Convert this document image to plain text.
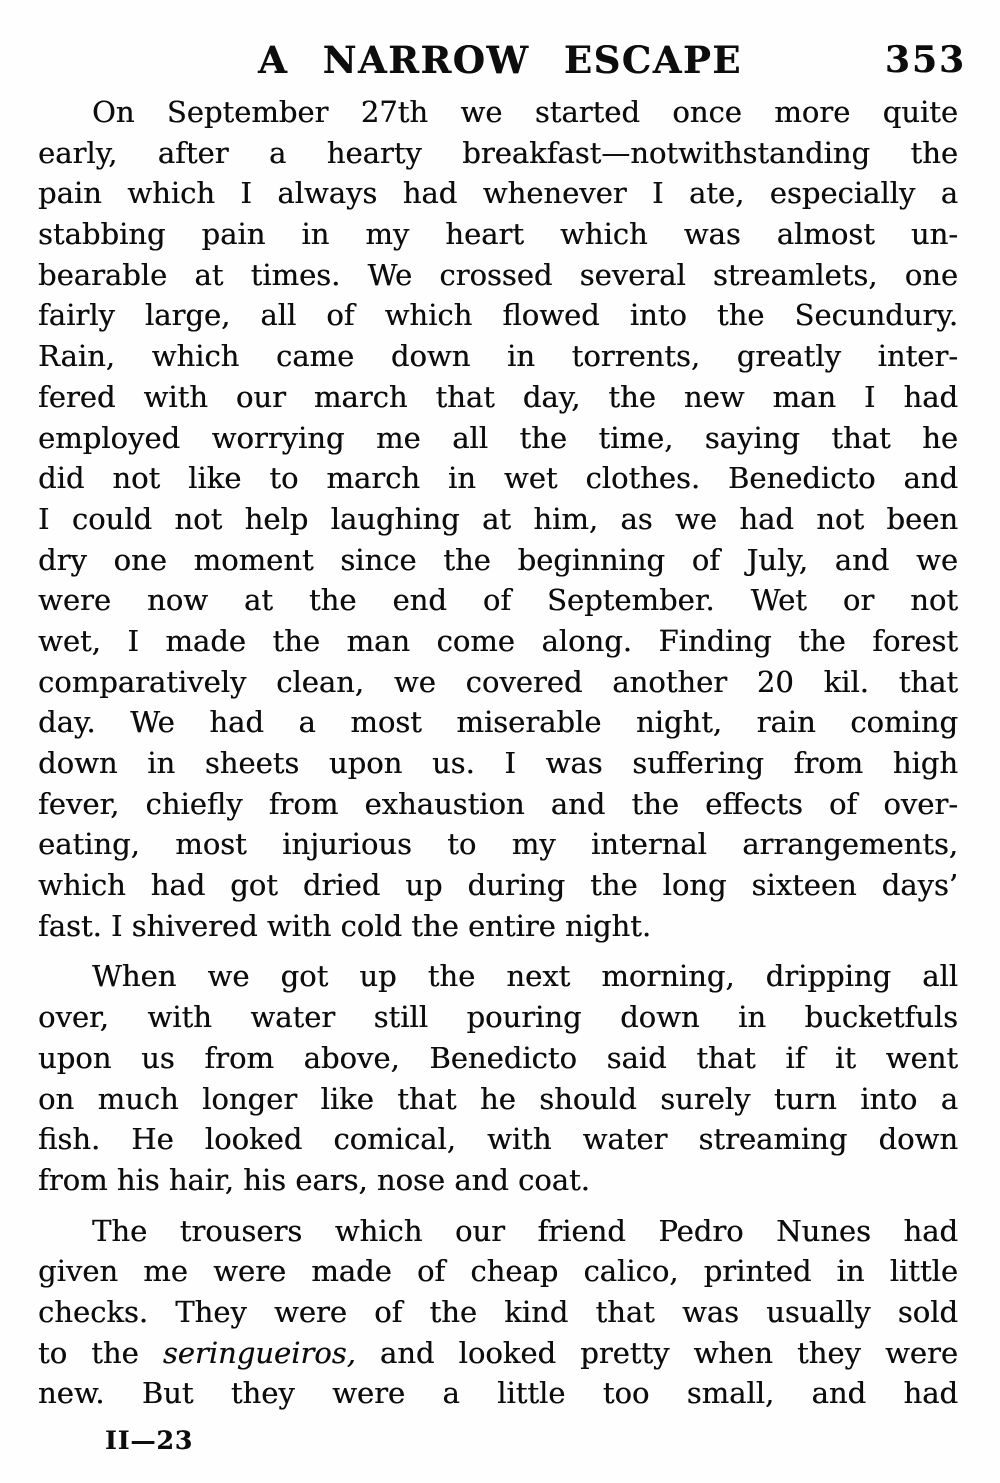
A NARROW ESCAPE	353
On September 27th we started once more quite
early, after a hearty breakfast—notwithstanding the
pain which I always had whenever I ate, especially a
stabbing pain in my heart which was almost un-
bearable at times. We crossed several streamlets, one
fairly large, all of which flowed into the Secundury.
Rain, which came down in torrents, greatly inter-
fered with our march that day, the new man I had
employed worrying me all the time, saying that he
did not like to march in wet clothes. Benedicto and
I could not help laughing at him, as we had not been
dry one moment since the beginning of July, and we
were now at the end of September. Wet or not
wet, I made the man come along. Finding the forest
comparatively clean, we covered another 20 kil. that
day. We had a most miserable night, rain coming
down in sheets upon us. I was suffering from high
fever, chiefly from exhaustion and the effects of over-
eating, most injurious to my internal arrangements,
which had got dried up during the long sixteen days’
fast. I shivered with cold the entire night.
When we got up the next morning, dripping all
over, with water still pouring down in bucketfuls
upon us from above, Benedicto said that if it went
on much longer like that he should surely turn into a
fish. He looked comical, with water streaming down
from his hair, his ears, nose and coat.
The trousers which our friend Pedro Nunes had
given me were made of cheap calico, printed in little
checks. They were of the kind that was usually sold
to the seringueiros, and looked pretty when they were
new. But they were a little too small, and had
II—23
